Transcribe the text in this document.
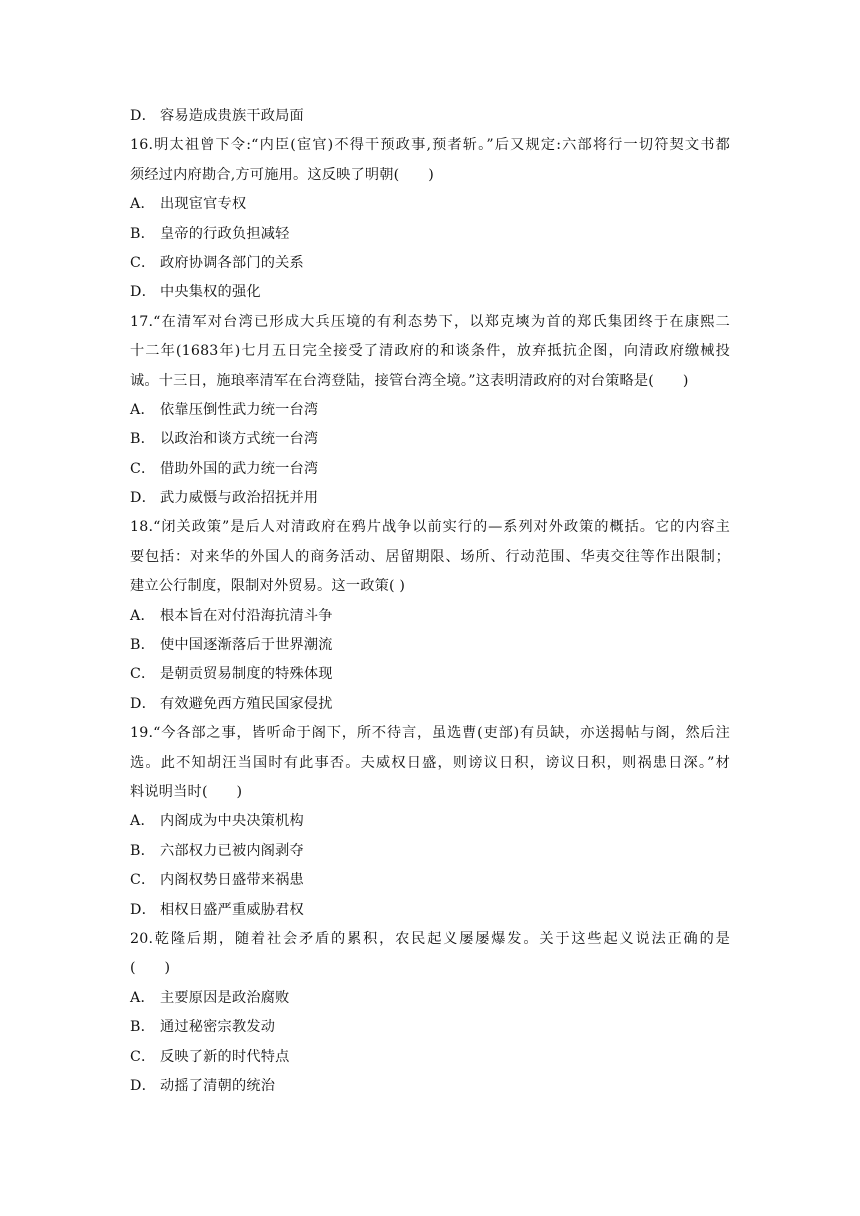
D． 容易造成贵族干政局面
16.明太祖曾下令:“内臣(宦官)不得干预政事,预者斩。”后又规定:六部将行一切符契文书都
须经过内府勘合,方可施用。这反映了明朝(　　)
A． 出现宦官专权
B． 皇帝的行政负担减轻
C． 政府协调各部门的关系
D． 中央集权的强化
17.“在清军对台湾已形成大兵压境的有利态势下，以郑克塽为首的郑氏集团终于在康熙二
十二年(1683年)七月五日完全接受了清政府的和谈条件，放弃抵抗企图，向清政府缴械投
诚。十三日，施琅率清军在台湾登陆，接管台湾全境。”这表明清政府的对台策略是(　　)
A． 依靠压倒性武力统一台湾
B． 以政治和谈方式统一台湾
C． 借助外国的武力统一台湾
D． 武力威慑与政治招抚并用
18.“闭关政策”是后人对清政府在鸦片战争以前实行的—系列对外政策的概括。它的内容主
要包括：对来华的外国人的商务活动、居留期限、场所、行动范围、华夷交往等作出限制；
建立公行制度，限制对外贸易。这一政策( )
A． 根本旨在对付沿海抗清斗争
B． 使中国逐渐落后于世界潮流
C． 是朝贡贸易制度的特殊体现
D． 有效避免西方殖民国家侵扰
19.“今各部之事，皆听命于阁下，所不待言，虽选曹(吏部)有员缺，亦送揭帖与阁，然后注
选。此不知胡汪当国时有此事否。夫威权日盛，则谤议日积，谤议日积，则祸患日深。”材
料说明当时(　　)
A． 内阁成为中央决策机构
B． 六部权力已被内阁剥夺
C． 内阁权势日盛带来祸患
D． 相权日盛严重威胁君权
20.乾隆后期，随着社会矛盾的累积，农民起义屡屡爆发。关于这些起义说法正确的是
(　　)
A． 主要原因是政治腐败
B． 通过秘密宗教发动
C． 反映了新的时代特点
D． 动摇了清朝的统治
